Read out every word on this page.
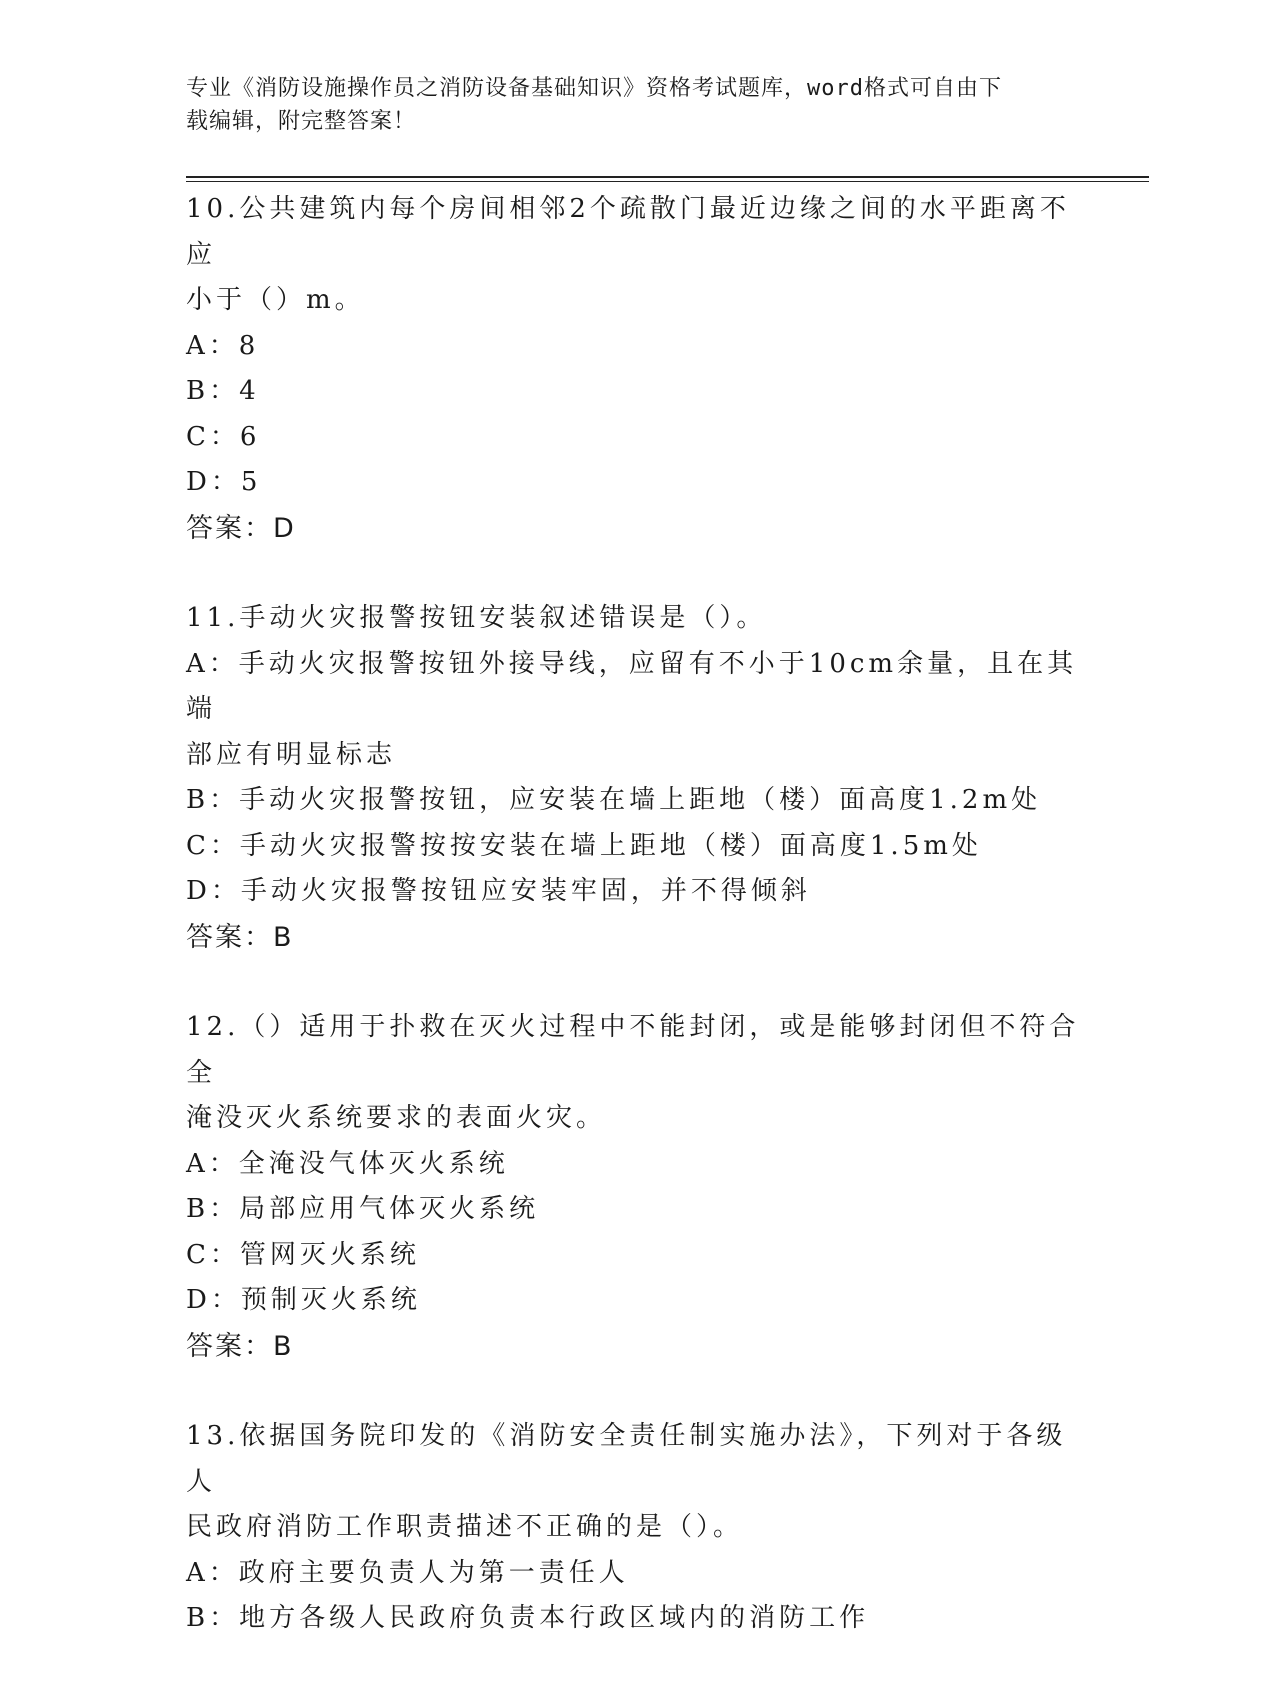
专业《消防设施操作员之消防设备基础知识》资格考试题库，word格式可自由下
载编辑，附完整答案！
10.公共建筑内每个房间相邻2个疏散门最近边缘之间的水平距离不应
小于（）m。
A：8
B：4
C：6
D：5
答案：D
11.手动火灾报警按钮安装叙述错误是（）。
A：手动火灾报警按钮外接导线，应留有不小于10cm余量，且在其端
部应有明显标志
B：手动火灾报警按钮，应安装在墙上距地（楼）面高度1.2m处
C：手动火灾报警按按安装在墙上距地（楼）面高度1.5m处
D：手动火灾报警按钮应安装牢固，并不得倾斜
答案：B
12.（）适用于扑救在灭火过程中不能封闭，或是能够封闭但不符合全
淹没灭火系统要求的表面火灾。
A：全淹没气体灭火系统
B：局部应用气体灭火系统
C：管网灭火系统
D：预制灭火系统
答案：B
13.依据国务院印发的《消防安全责任制实施办法》，下列对于各级人
民政府消防工作职责描述不正确的是（）。
A：政府主要负责人为第一责任人
B：地方各级人民政府负责本行政区域内的消防工作
